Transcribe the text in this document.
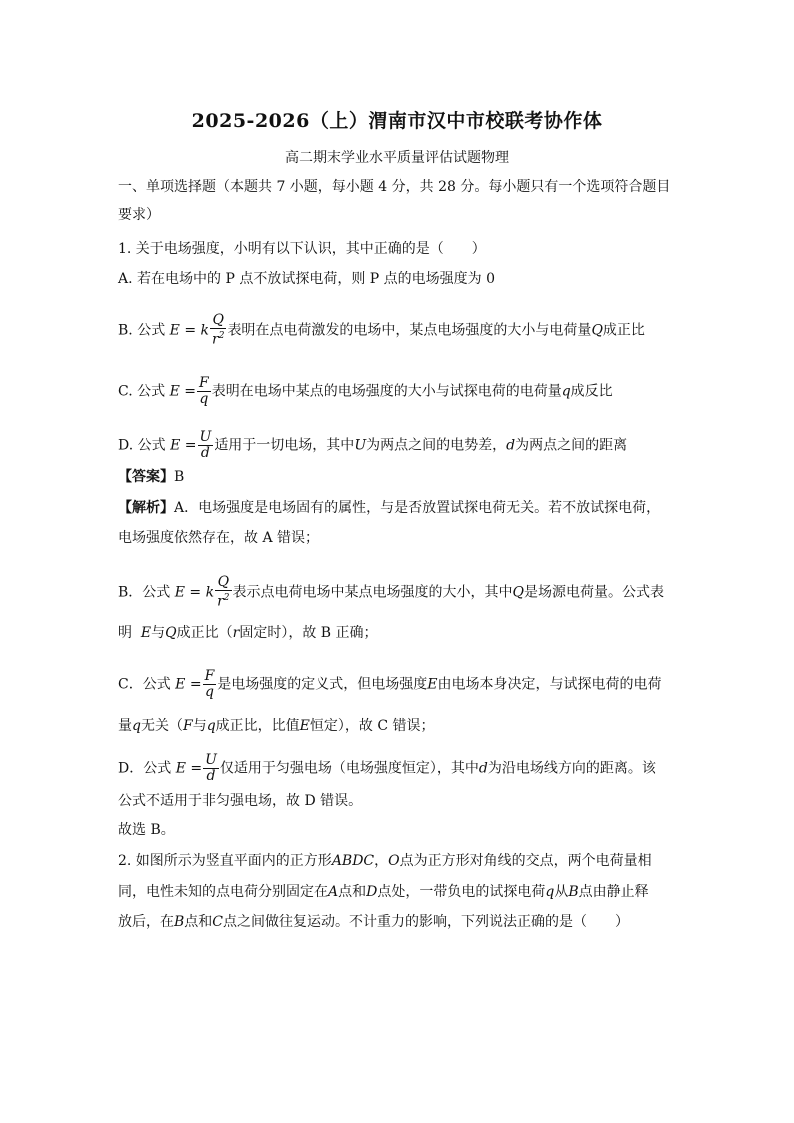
2025-2026（上）渭南市汉中市校联考协作体
高二期末学业水平质量评估试题物理
一、单项选择题（本题共 7 小题，每小题 4 分，共 28 分。每小题只有一个选项符合题目
要求）
1. 关于电场强度，小明有以下认识，其中正确的是（　　）
A. 若在电场中的 P 点不放试探电荷，则 P 点的电场强度为 0
B. 公式 E = k $\frac{Q}{r^2}$ 表明在点电荷激发的电场中，某点电场强度的大小与电荷量Q成正比
C. 公式 $E = \frac{F}{q}$ 表明在电场中某点的电场强度的大小与试探电荷的电荷量q成反比
D. 公式 $E = \frac{U}{d}$ 适用于一切电场，其中U为两点之间的电势差，d为两点之间的距离
【答案】B
【解析】A．电场强度是电场固有的属性，与是否放置试探电荷无关。若不放试探电荷，
电场强度依然存在，故 A 错误；
B．公式 E = k $\frac{Q}{r^2}$ 表示点电荷电场中某点电场强度的大小，其中Q是场源电荷量。公式表
明 E与Q成正比（r固定时），故 B 正确；
C．公式 $E = \frac{F}{q}$ 是电场强度的定义式，但电场强度E由电场本身决定，与试探电荷的电荷
量q无关（F与q成正比，比值E恒定），故 C 错误；
D．公式 $E = \frac{U}{d}$ 仅适用于匀强电场（电场强度恒定），其中d为沿电场线方向的距离。该
公式不适用于非匀强电场，故 D 错误。
故选 B。
2. 如图所示为竖直平面内的正方形ABDC，O点为正方形对角线的交点，两个电荷量相
同，电性未知的点电荷分别固定在A点和D点处，一带负电的试探电荷q从B点由静止释
放后，在B点和C点之间做往复运动。不计重力的影响，下列说法正确的是（　　）
